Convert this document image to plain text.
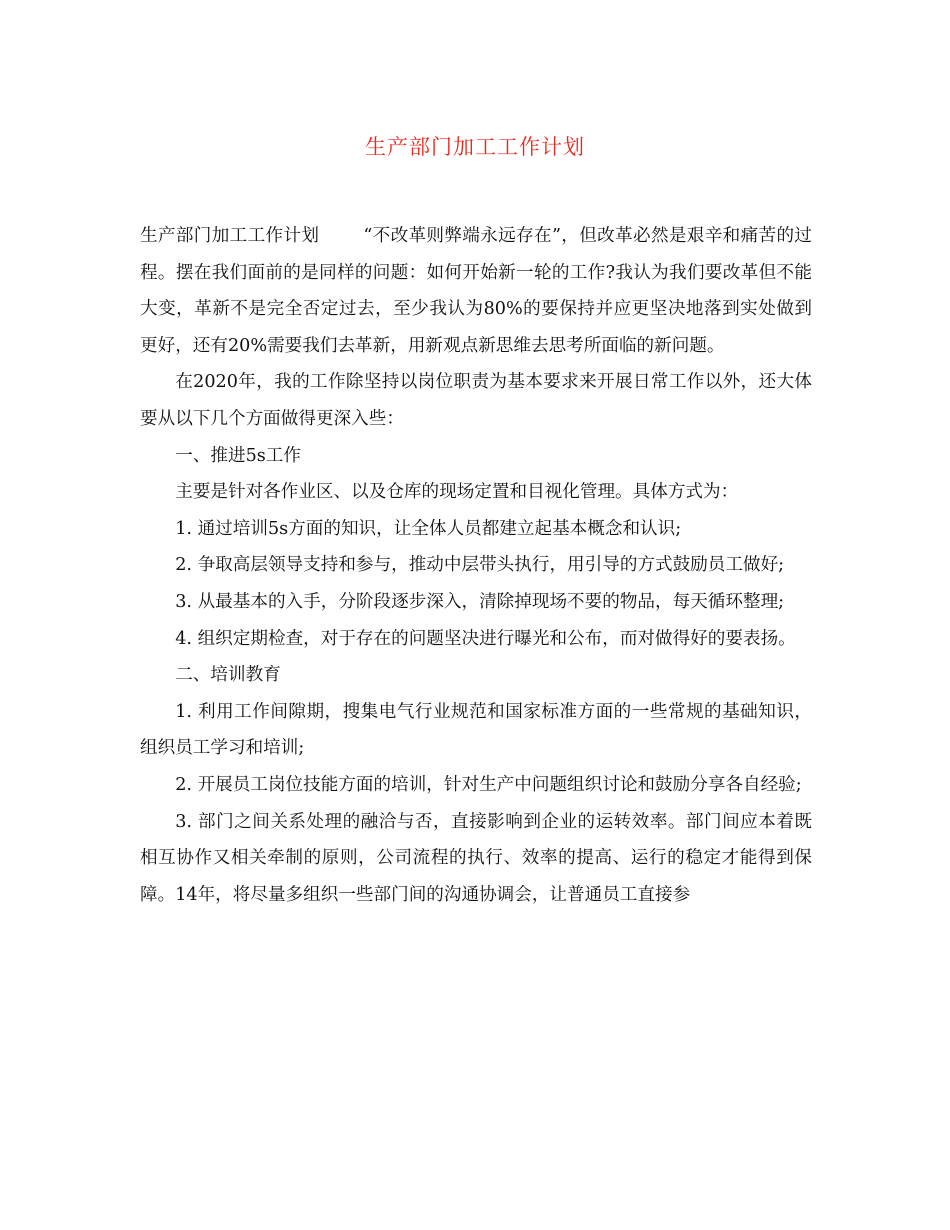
生产部门加工工作计划

生产部门加工工作计划	“不改革则弊端永远存在”，但改革必然是艰辛和痛苦的过程。摆在我们面前的是同样的问题：如何开始新一轮的工作?我认为我们要改革但不能大变，革新不是完全否定过去，至少我认为80%的要保持并应更坚决地落到实处做到更好，还有20%需要我们去革新，用新观点新思维去思考所面临的新问题。

在2020年，我的工作除坚持以岗位职责为基本要求来开展日常工作以外，还大体要从以下几个方面做得更深入些：

一、推进5s工作

主要是针对各作业区、以及仓库的现场定置和目视化管理。具体方式为：

1. 通过培训5s方面的知识，让全体人员都建立起基本概念和认识;

2. 争取高层领导支持和参与，推动中层带头执行，用引导的方式鼓励员工做好;

3. 从最基本的入手，分阶段逐步深入，清除掉现场不要的物品，每天循环整理;

4. 组织定期检查，对于存在的问题坚决进行曝光和公布，而对做得好的要表扬。

二、培训教育

1. 利用工作间隙期，搜集电气行业规范和国家标准方面的一些常规的基础知识，组织员工学习和培训;

2. 开展员工岗位技能方面的培训，针对生产中问题组织讨论和鼓励分享各自经验;

3. 部门之间关系处理的融洽与否，直接影响到企业的运转效率。部门间应本着既相互协作又相关牵制的原则，公司流程的执行、效率的提高、运行的稳定才能得到保障。14年，将尽量多组织一些部门间的沟通协调会，让普通员工直接参
